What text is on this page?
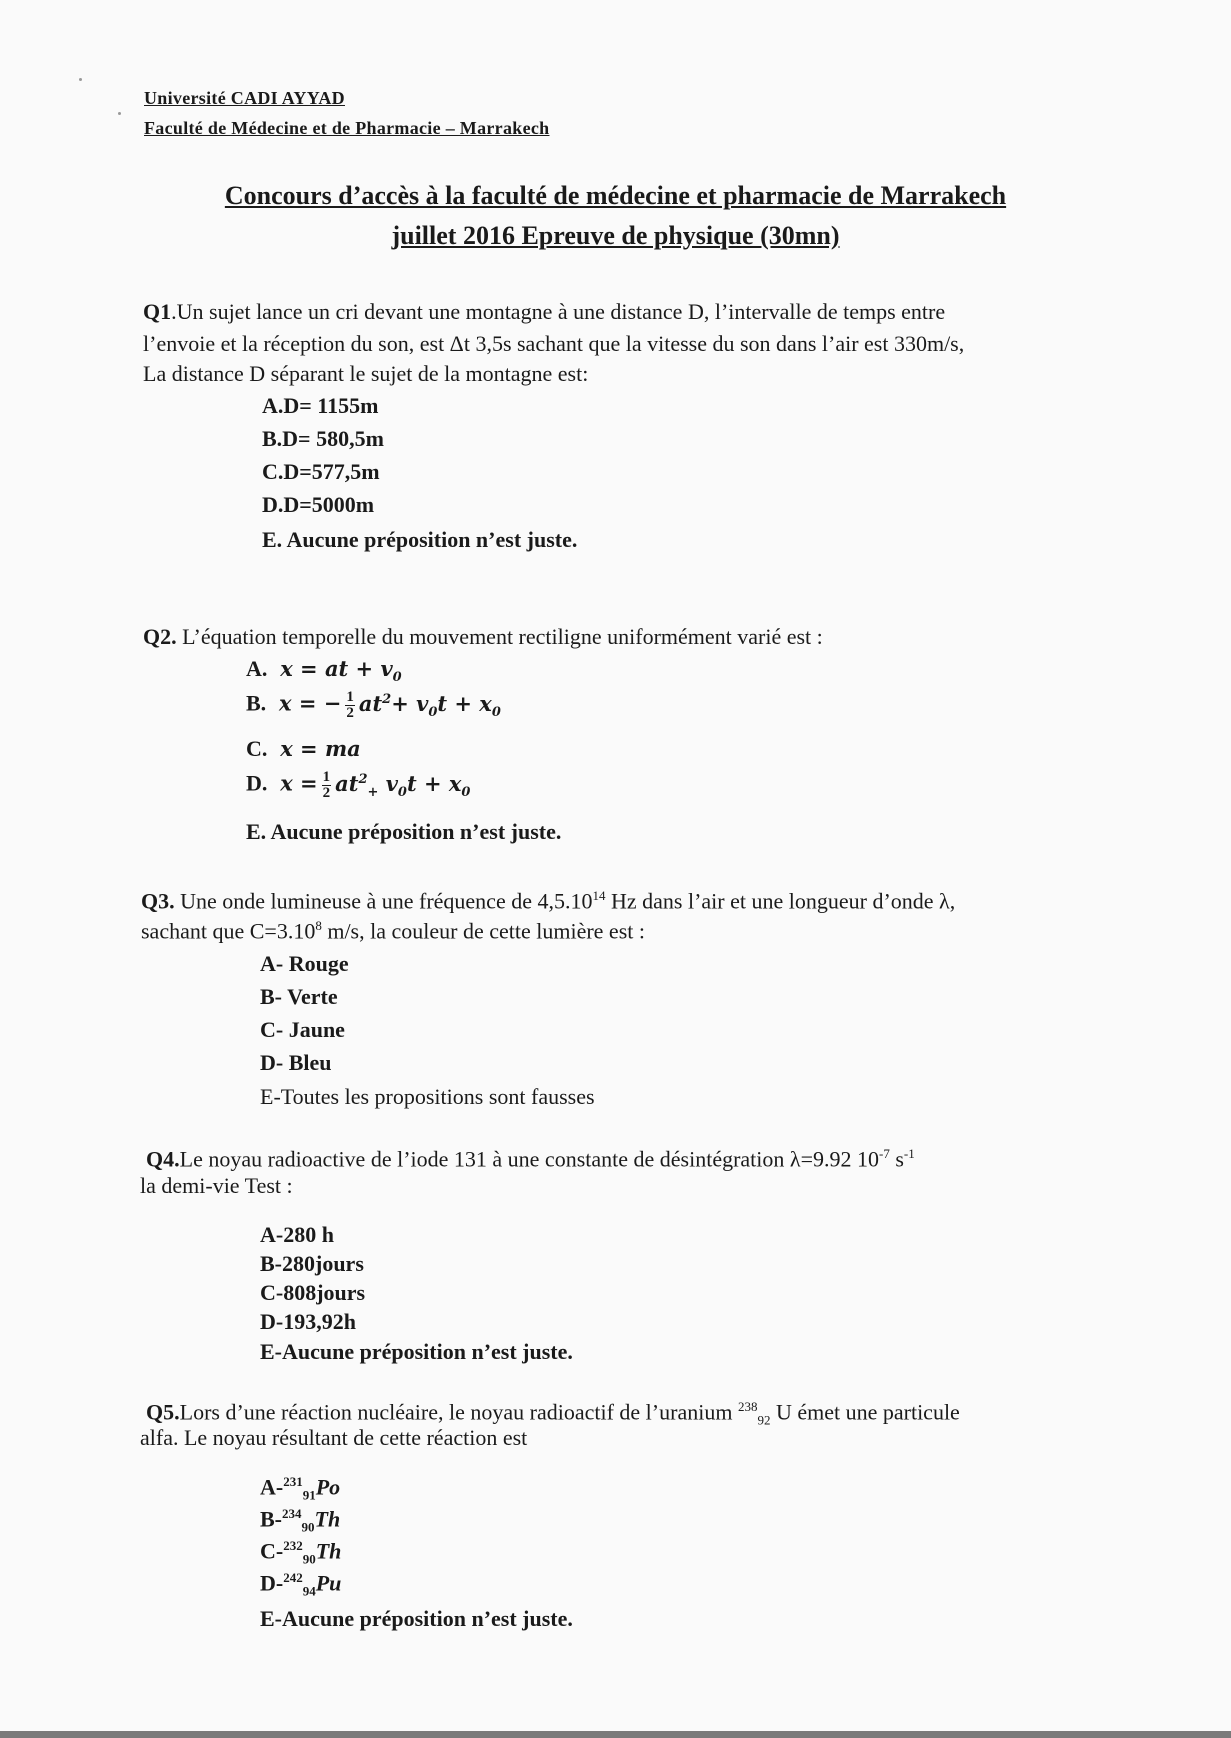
Université CADI AYYAD
Faculté de Médecine et de Pharmacie – Marrakech
Concours d’accès à la faculté de médecine et pharmacie de Marrakech
juillet 2016 Epreuve de physique (30mn)
Q1.Un sujet lance un cri devant une montagne à une distance D, l’intervalle de temps entre
l’envoie et la réception du son, est Δt 3,5s sachant que la vitesse du son dans l’air est 330m/s,
La distance D séparant le sujet de la montagne est:
A.D= 1155m
B.D= 580,5m
C.D=577,5m
D.D=5000m
E. Aucune préposition n’est juste.
Q2. L’équation temporelle du mouvement rectiligne uniformément varié est :
A.  x = at + $v_0$
B.  x = − $\frac{1}{2} at^2+ v_0t + x_0$
C.  x = ma
D.  $x = \frac{1}{2} at^2_+$ $v_0t + x_0$
E. Aucune préposition n’est juste.
Q3. Une onde lumineuse à une fréquence de 4,5.10$^{14}$ Hz dans l’air et une longueur d’onde λ,
sachant que $C=3.10^8$ m/s, la couleur de cette lumière est :
A- Rouge
B- Verte
C- Jaune
D- Bleu
E-Toutes les propositions sont fausses
Q4.Le noyau radioactive de l’iode 131 à une constante de désintégration λ=9.92 $10^{-7}$ $s^{-1}$
la demi-vie Test :
A-280 h
B-280jours
C-808jours
D-193,92h
E-Aucune préposition n’est juste.
Q5.Lors d’une réaction nucléaire, le noyau radioactif de l’uranium $^{238}_{92}$ U émet une particule
alfa. Le noyau résultant de cette réaction est
A-$^{231}_{91}$Po
B-$^{234}_{90}$Th
C-$^{232}_{90}$Th
D-$^{242}_{94}$Pu
E-Aucune préposition n’est juste.
